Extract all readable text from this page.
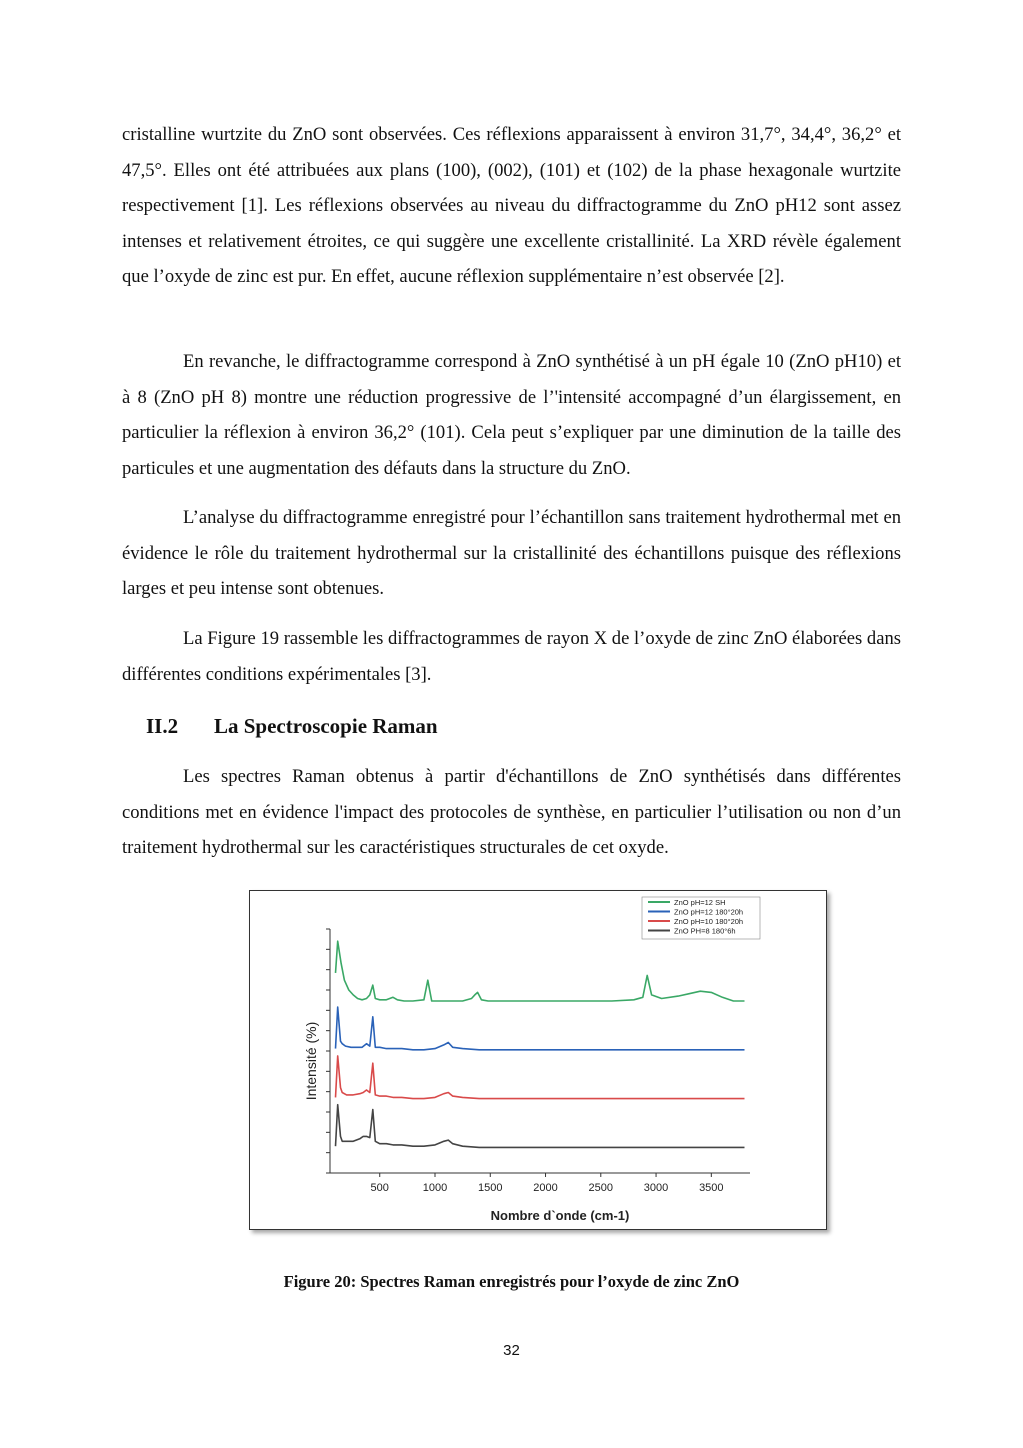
cristalline wurtzite du ZnO sont observées. Ces réflexions apparaissent à environ 31,7°, 34,4°, 36,2° et 47,5°. Elles ont été attribuées aux plans (100), (002), (101) et (102) de la phase hexagonale wurtzite respectivement [1]. Les réflexions observées au niveau du diffractogramme du ZnO pH12 sont assez intenses et relativement étroites, ce qui suggère une excellente cristallinité. La XRD révèle également que l’oxyde de zinc est pur. En effet, aucune réflexion supplémentaire n’est observée [2].

En revanche, le diffractogramme correspond à ZnO synthétisé à un pH égale 10 (ZnO pH10) et à 8 (ZnO pH 8) montre une réduction progressive de l’'intensité accompagné d’un élargissement, en particulier la réflexion à environ 36,2° (101). Cela peut s’expliquer par une diminution de la taille des particules et une augmentation des défauts dans la structure du ZnO.

L’analyse du diffractogramme enregistré pour l’échantillon sans traitement hydrothermal met en évidence le rôle du traitement hydrothermal sur la cristallinité des échantillons puisque des réflexions larges et peu intense sont obtenues.

La Figure 19 rassemble les diffractogrammes de rayon X de l’oxyde de zinc ZnO élaborées dans différentes conditions expérimentales [3].

II.2 La Spectroscopie Raman

Les spectres Raman obtenus à partir d'échantillons de ZnO synthétisés dans différentes conditions met en évidence l'impact des protocoles de synthèse, en particulier l’utilisation ou non d’un traitement hydrothermal sur les caractéristiques structurales de cet oxyde.

500	1000	1500	2000	2500	3000	3500
ZnO pH=12 SH
ZnO pH=12 180°20h
ZnO pH=10 180°20h
ZnO PH=8 180°6h
Nombre d`onde (cm-1)
Intensité (%)

Figure 20: Spectres Raman enregistrés pour l’oxyde de zinc ZnO

32
